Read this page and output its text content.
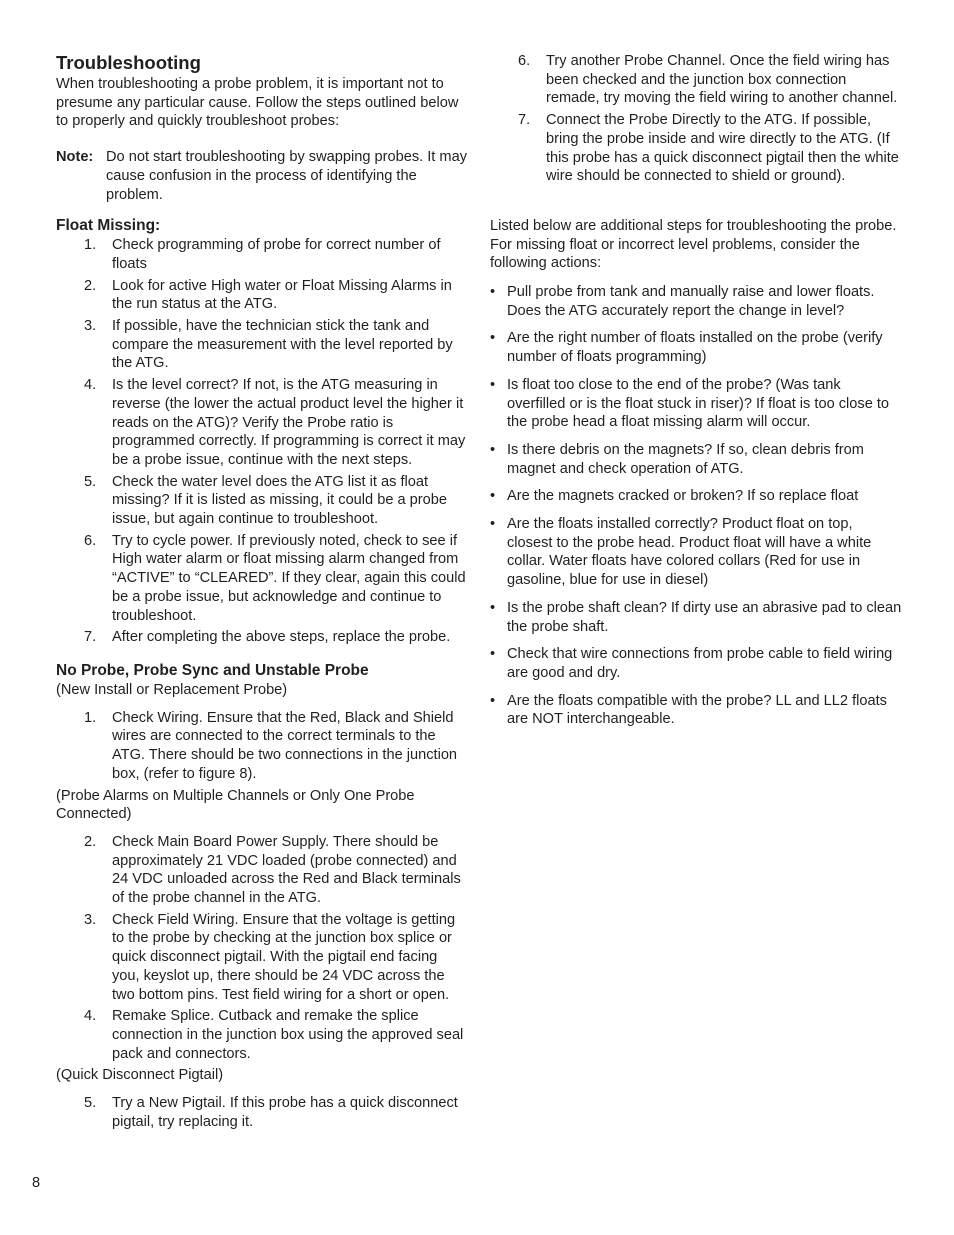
Troubleshooting

When troubleshooting a probe problem, it is important not to presume any particular cause. Follow the steps outlined below to properly and quickly troubleshoot probes:

Note: Do not start troubleshooting by swapping probes. It may cause confusion in the process of identifying the problem.
Float Missing:
1. Check programming of probe for correct number of floats
2. Look for active High water or Float Missing Alarms in the run status at the ATG.
3. If possible, have the technician stick the tank and compare the measurement with the level reported by the ATG.
4. Is the level correct? If not, is the ATG measuring in reverse (the lower the actual product level the higher it reads on the ATG)? Verify the Probe ratio is programmed correctly. If programming is correct it may be a probe issue, continue with the next steps.
5. Check the water level does the ATG list it as float missing? If it is listed as missing, it could be a probe issue, but again continue to troubleshoot.
6. Try to cycle power. If previously noted, check to see if High water alarm or float missing alarm changed from “ACTIVE” to “CLEARED”. If they clear, again this could be a probe issue, but acknowledge and continue to troubleshoot.
7. After completing the above steps, replace the probe.
No Probe, Probe Sync and Unstable Probe

(New Install or Replacement Probe)

1. Check Wiring. Ensure that the Red, Black and Shield wires are connected to the correct terminals to the ATG. There should be two connections in the junction box, (refer to figure 8).

(Probe Alarms on Multiple Channels or Only One Probe Connected)

2. Check Main Board Power Supply. There should be approximately 21 VDC loaded (probe connected) and 24 VDC unloaded across the Red and Black terminals of the probe channel in the ATG.
3. Check Field Wiring. Ensure that the voltage is getting to the probe by checking at the junction box splice or quick disconnect pigtail. With the pigtail end facing you, keyslot up, there should be 24 VDC across the two bottom pins. Test field wiring for a short or open.
4. Remake Splice. Cutback and remake the splice connection in the junction box using the approved seal pack and connectors.

(Quick Disconnect Pigtail)

5. Try a New Pigtail. If this probe has a quick disconnect pigtail, try replacing it.
6. Try another Probe Channel. Once the field wiring has been checked and the junction box connection remade, try moving the field wiring to another channel.
7. Connect the Probe Directly to the ATG. If possible, bring the probe inside and wire directly to the ATG. (If this probe has a quick disconnect pigtail then the white wire should be connected to shield or ground).

Listed below are additional steps for troubleshooting the probe. For missing float or incorrect level problems, consider the following actions:

• Pull probe from tank and manually raise and lower floats. Does the ATG accurately report the change in level?
• Are the right number of floats installed on the probe (verify number of floats programming)
• Is float too close to the end of the probe? (Was tank overfilled or is the float stuck in riser)? If float is too close to the probe head a float missing alarm will occur.
• Is there debris on the magnets? If so, clean debris from magnet and check operation of ATG.
• Are the magnets cracked or broken? If so replace float
• Are the floats installed correctly? Product float on top, closest to the probe head. Product float will have a white collar. Water floats have colored collars (Red for use in gasoline, blue for use in diesel)
• Is the probe shaft clean? If dirty use an abrasive pad to clean the probe shaft.
• Check that wire connections from probe cable to field wiring are good and dry.
• Are the floats compatible with the probe? LL and LL2 floats are NOT interchangeable.
8
